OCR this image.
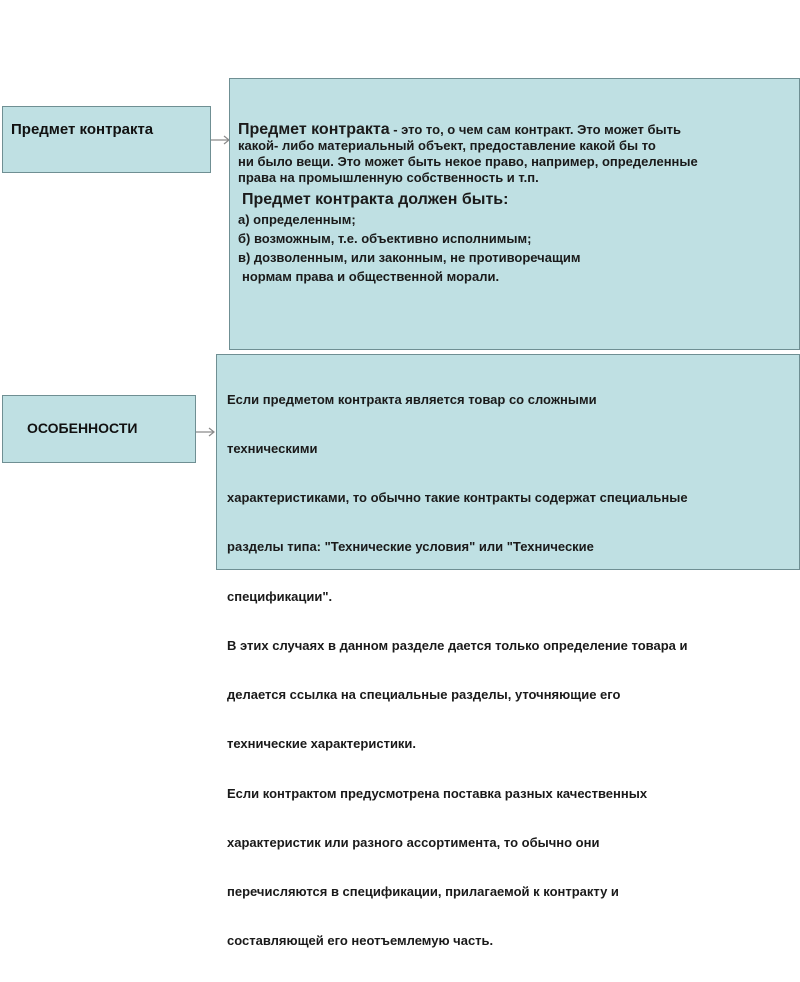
Предмет контракта	Предмет контракта - это то, о чем сам контракт. Это может быть
какой- либо материальный объект, предоставление какой бы то
ни было вещи. Это может быть некое право, например, определенные
права на промышленную собственность и т.п.
Предмет контракта должен быть:
а) определенным;
б) возможным, т.е. объективно исполнимым;
в) дозволенным, или законным, не противоречащим
нормам права и общественной морали.
ОСОБЕННОСТИ

Если предметом контракта является товар со сложными

техническими

характеристиками, то обычно такие контракты содержат специальные

разделы типа: "Технические условия" или "Технические

спецификации".

В этих случаях в данном разделе дается только определение товара и

делается ссылка на специальные разделы, уточняющие его

технические характеристики.

Если контрактом предусмотрена поставка разных качественных

характеристик или разного ассортимента, то обычно они

перечисляются в спецификации, прилагаемой к контракту и

составляющей его неотъемлемую часть.
